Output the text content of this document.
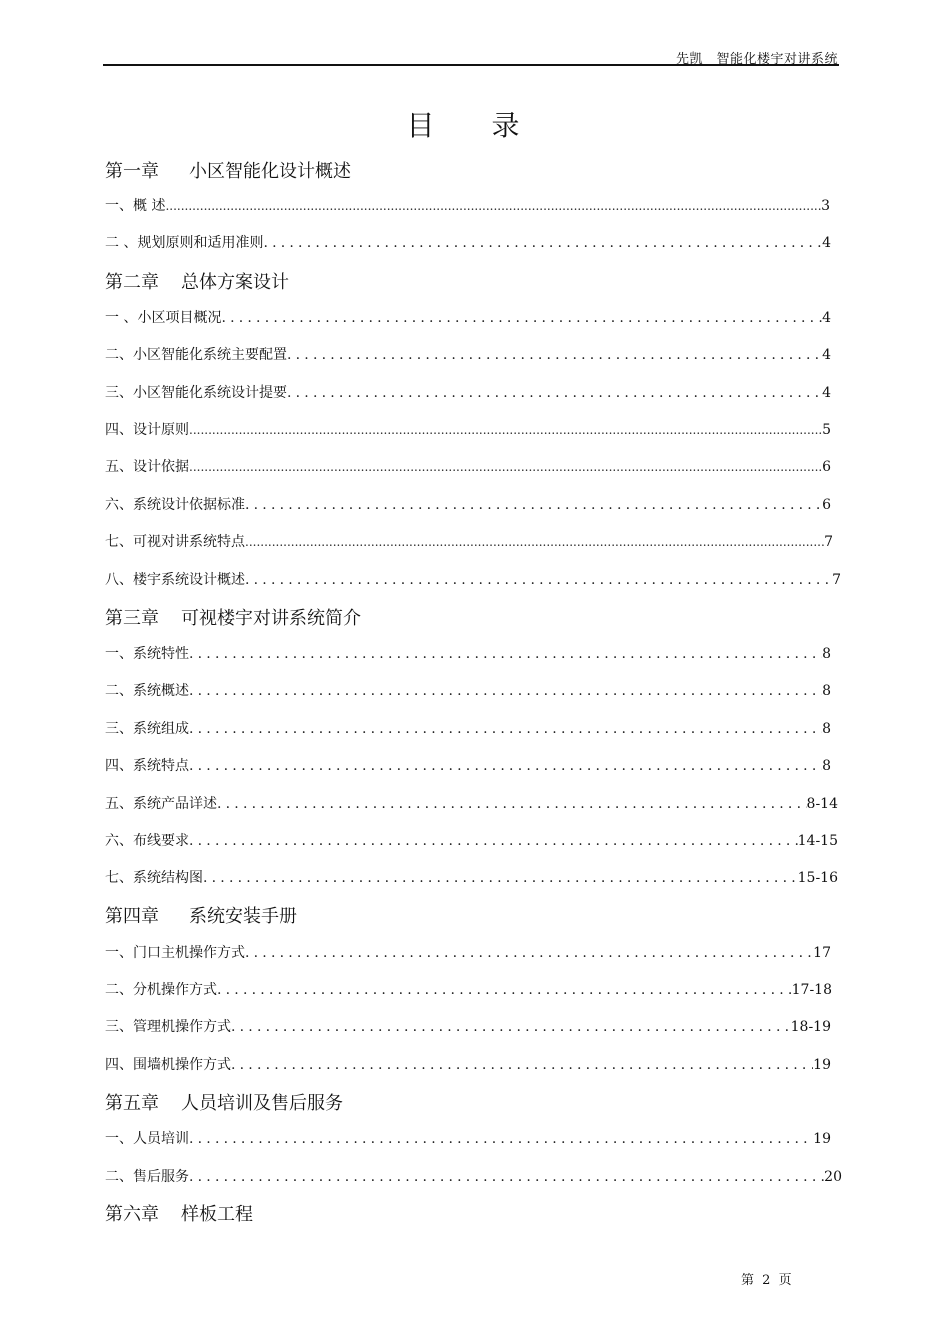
先凯　智能化楼宇对讲系统
目 录
第一章 小区智能化设计概述
一、概 述 .....	3
二 、规划原则和适用准则 .....	4
第二章 总体方案设计
一 、小区项目概况 .....	4
二、小区智能化系统主要配置 .....	4
三、小区智能化系统设计提要 .....	4
四、设计原则 .....	5
五、设计依据 .....	6
六、系统设计依据标准 .....	6
七、可视对讲系统特点 .....	7
八、楼宇系统设计概述 .....	7
第三章 可视楼宇对讲系统简介
一、系统特性 .....	8
二、系统概述 .....	8
三、系统组成 .....	8
四、系统特点 .....	8
五、系统产品详述 .....	8-14
六、布线要求 .....	14-15
七、系统结构图 .....	15-16
第四章 系统安装手册
一、门口主机操作方式 .....	17
二、分机操作方式 .....	17-18
三、管理机操作方式 .....	18-19
四、围墙机操作方式 .....	19
第五章 人员培训及售后服务
一、人员培训 .....	19
二、售后服务 .....	20
第六章 样板工程
第 2 页
